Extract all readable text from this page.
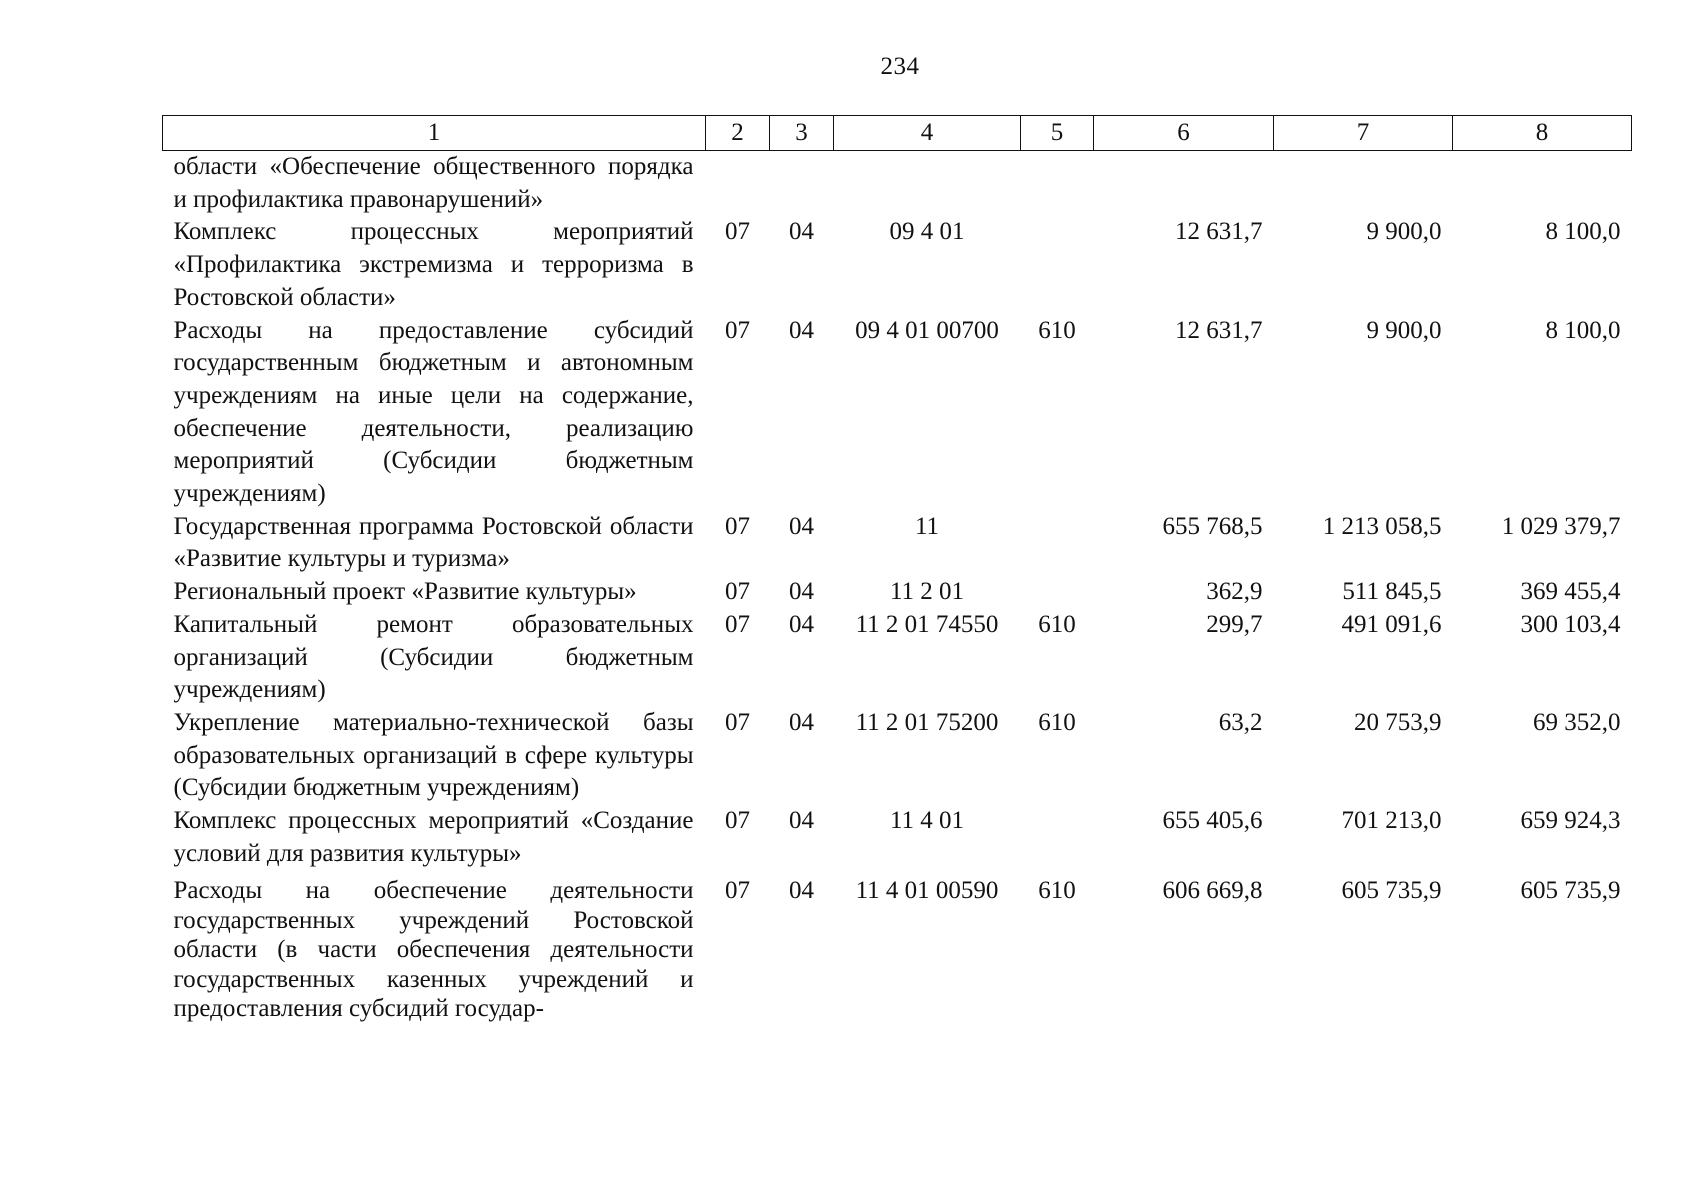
234
1	2	3	4	5	6	7	8
области «Обеспечение общественного порядка и профилактика правонарушений»							
Комплекс процессных мероприятий «Профилактика экстремизма и терроризма в Ростовской области»	07	04	09 4 01		12 631,7	9 900,0	8 100,0
Расходы на предоставление субсидий государственным бюджетным и автономным учреждениям на иные цели на содержание, обеспечение деятельности, реализацию мероприятий (Субсидии бюджетным учреждениям)	07	04	09 4 01 00700	610	12 631,7	9 900,0	8 100,0
Государственная программа Ростовской области «Развитие культуры и туризма»	07	04	11		655 768,5	1 213 058,5	1 029 379,7
Региональный проект «Развитие культуры»	07	04	11 2 01		362,9	511 845,5	369 455,4
Капитальный ремонт образовательных организаций (Субсидии бюджетным учреждениям)	07	04	11 2 01 74550	610	299,7	491 091,6	300 103,4
Укрепление материально-технической базы образовательных организаций в сфере культуры (Субсидии бюджетным учреждениям)	07	04	11 2 01 75200	610	63,2	20 753,9	69 352,0
Комплекс процессных мероприятий «Создание условий для развития культуры»	07	04	11 4 01		655 405,6	701 213,0	659 924,3
Расходы на обеспечение деятельности государственных учреждений Ростовской области (в части обеспечения деятельности государственных казенных учреждений и предоставления субсидий государ-	07	04	11 4 01 00590	610	606 669,8	605 735,9	605 735,9
